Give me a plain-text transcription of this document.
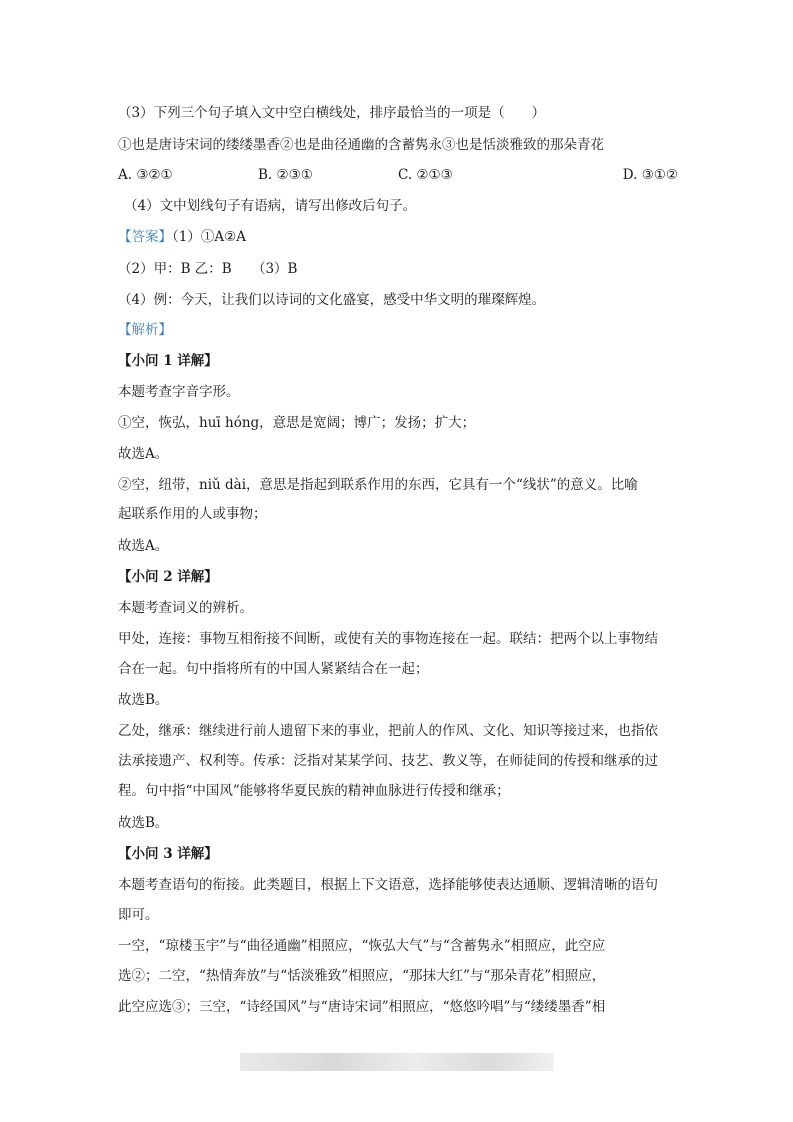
（3）下列三个句子填入文中空白横线处，排序最恰当的一项是（　　）

①也是唐诗宋词的缕缕墨香②也是曲径通幽的含蓄隽永③也是恬淡雅致的那朵青花

A. ③②①	B. ②③①	C. ②①③	D. ③①②

（4）文中划线句子有语病，请写出修改后句子。

【答案】（1）①A②A

（2）甲：B 乙：B　　（3）B

（4）例：今天，让我们以诗词的文化盛宴，感受中华文明的璀璨辉煌。

【解析】

【小问 1 详解】

本题考查字音字形。

①空，恢弘，huī hóng，意思是宽阔；博广；发扬；扩大；

故选A。

②空，纽带，niǔ dài，意思是指起到联系作用的东西，它具有一个“线状”的意义。比喻

起联系作用的人或事物；

故选A。

【小问 2 详解】

本题考查词义的辨析。

甲处，连接：事物互相衔接不间断，或使有关的事物连接在一起。联结：把两个以上事物结

合在一起。句中指将所有的中国人紧紧结合在一起；

故选B。

乙处，继承：继续进行前人遗留下来的事业，把前人的作风、文化、知识等接过来，也指依

法承接遗产、权利等。传承：泛指对某某学问、技艺、教义等，在师徒间的传授和继承的过

程。句中指“中国风”能够将华夏民族的精神血脉进行传授和继承；

故选B。

【小问 3 详解】

本题考查语句的衔接。此类题目，根据上下文语意，选择能够使表达通顺、逻辑清晰的语句

即可。

一空，“琼楼玉宇”与“曲径通幽”相照应，“恢弘大气”与“含蓄隽永”相照应，此空应

选②；二空，“热情奔放”与“恬淡雅致”相照应，“那抹大红”与“那朵青花”相照应，

此空应选③；三空，“诗经国风”与“唐诗宋词”相照应，“悠悠吟唱”与“缕缕墨香”相
